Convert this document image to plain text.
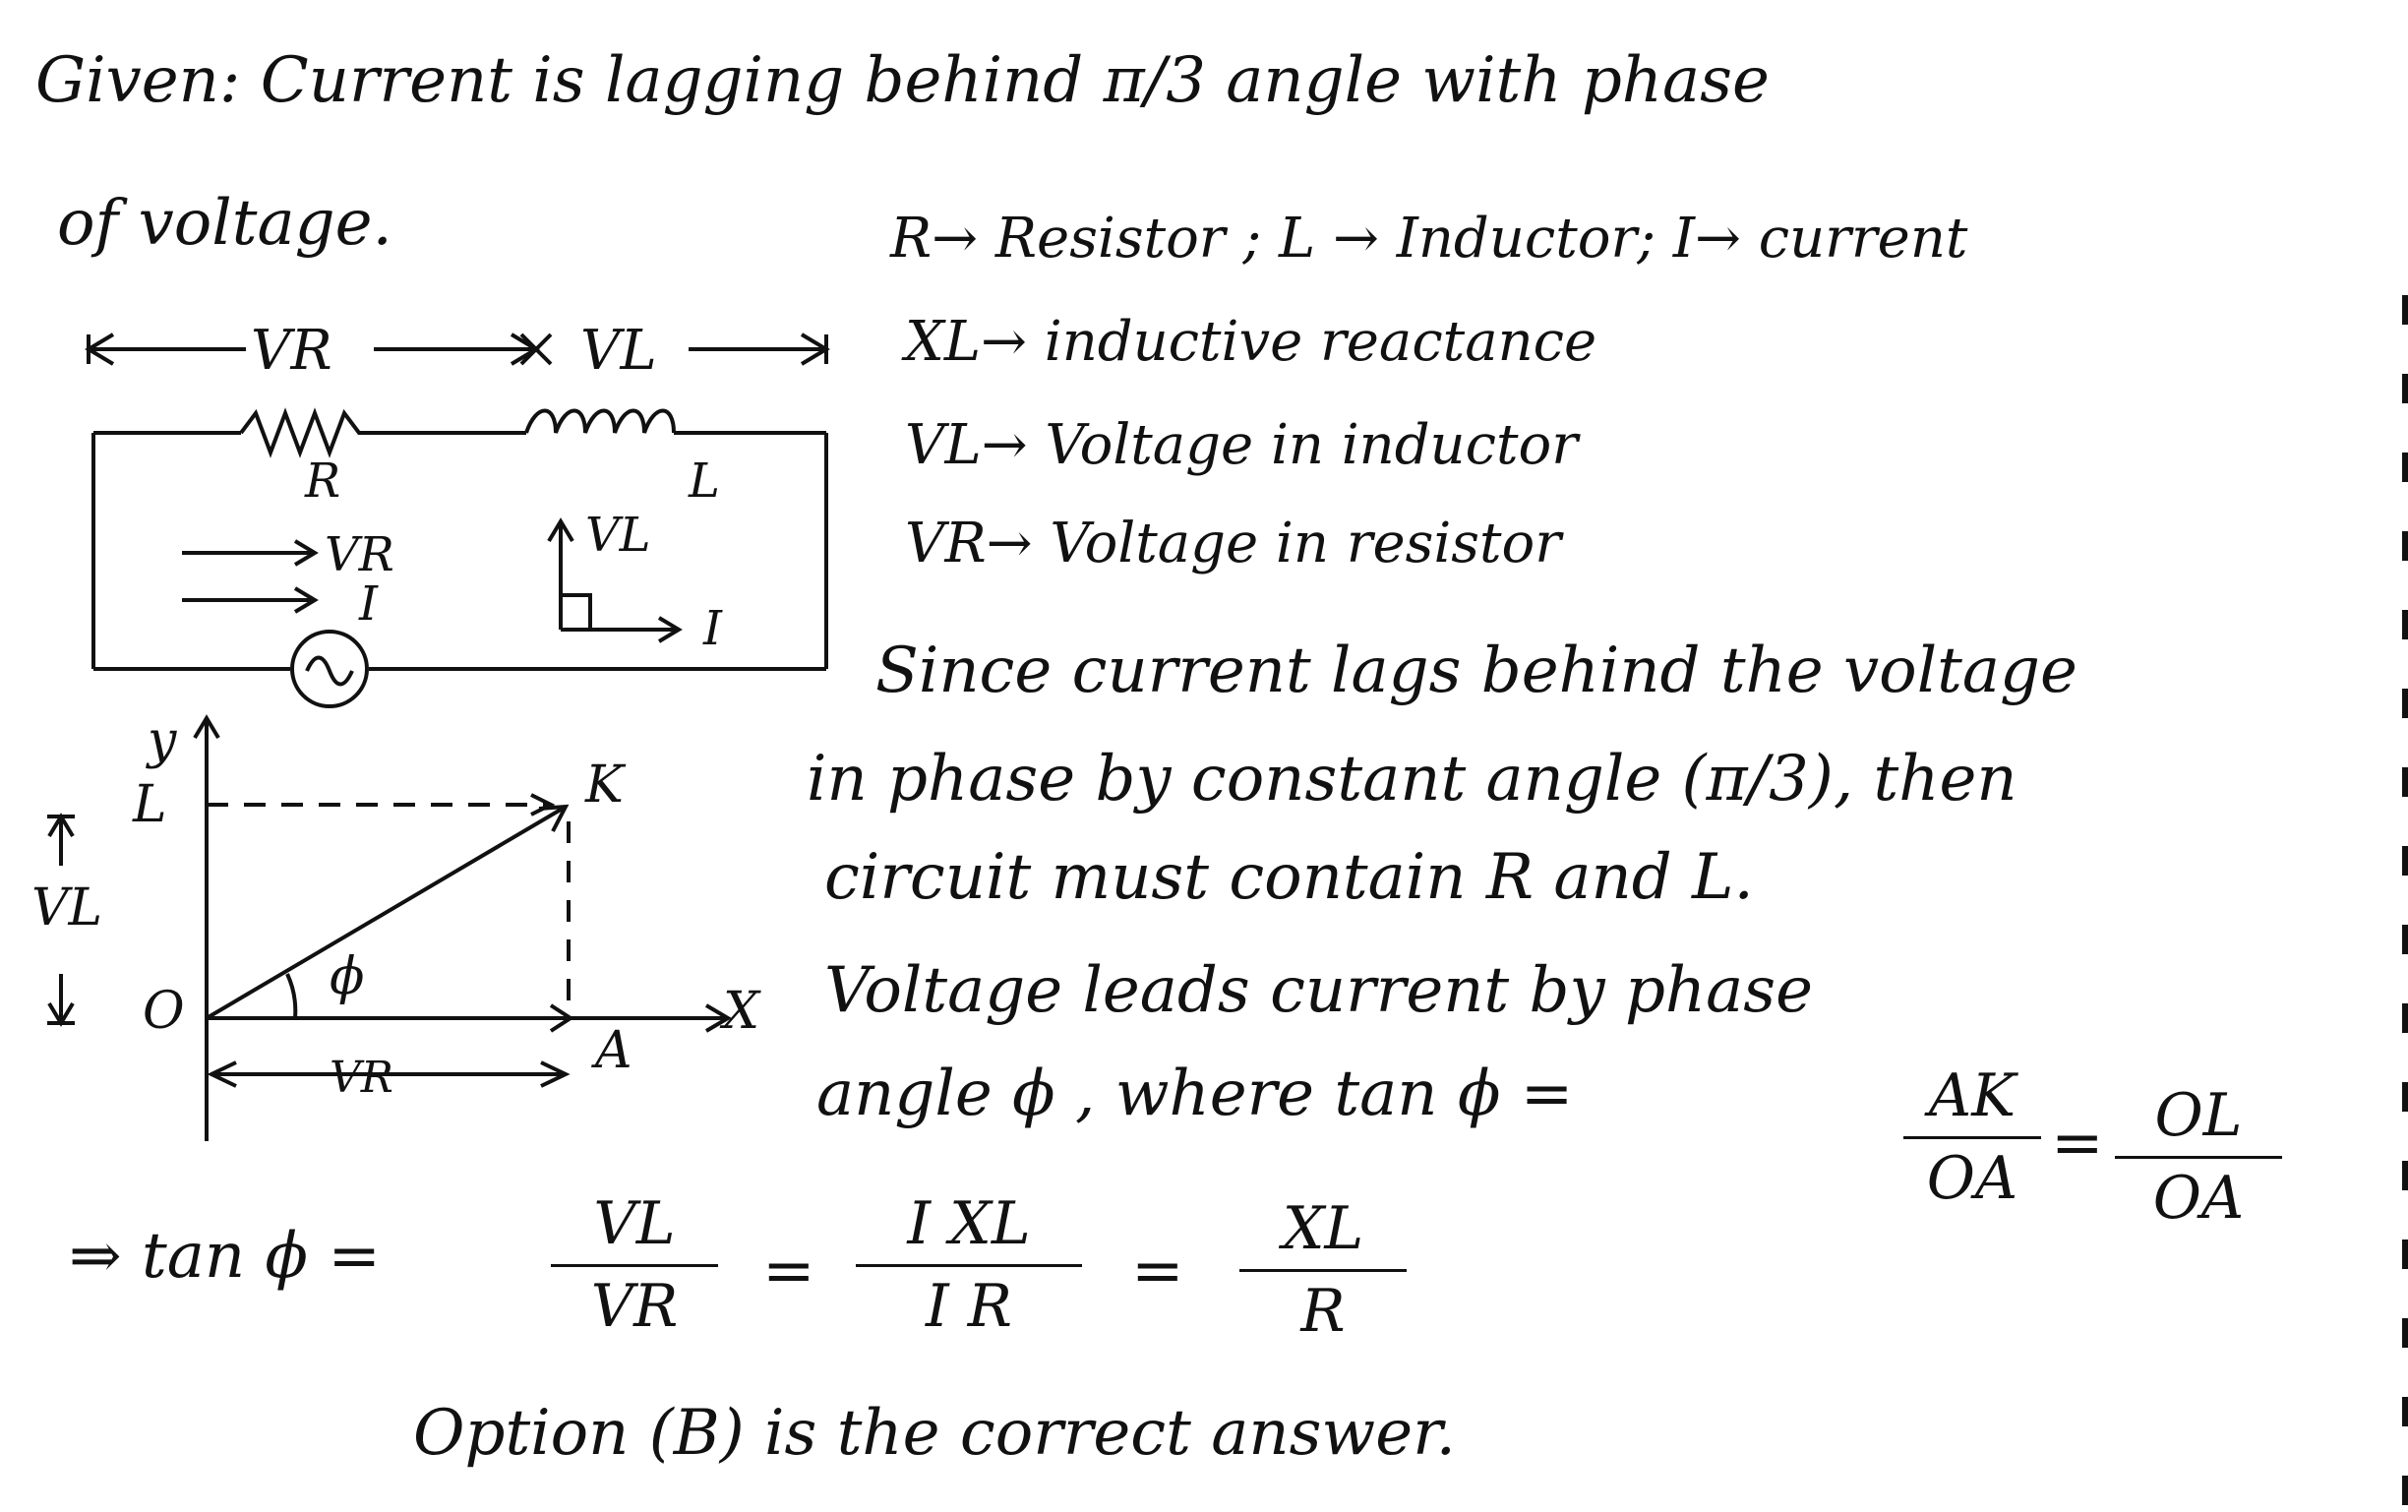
Given: Current is lagging behind π/3 angle with phase
of voltage.	R→ Resistor ; L → Inductor; I→ current
XL→ inductive reactance
VL→ Voltage in inductor
VR→ Voltage in resistor
VR	VL
R	L
VR
I
VL
I
y
L	K
VL
O
ϕ
X
A
VR
Since current lags behind the voltage
in phase by constant angle (π/3), then
circuit must contain R and L.
Voltage leads current by phase
angle ϕ , where tan ϕ =	AK
OA = OL
OA
⇒ tan ϕ =	VL
VR	=
I XL
I R	=
XL
R
Option (B) is the correct answer.
